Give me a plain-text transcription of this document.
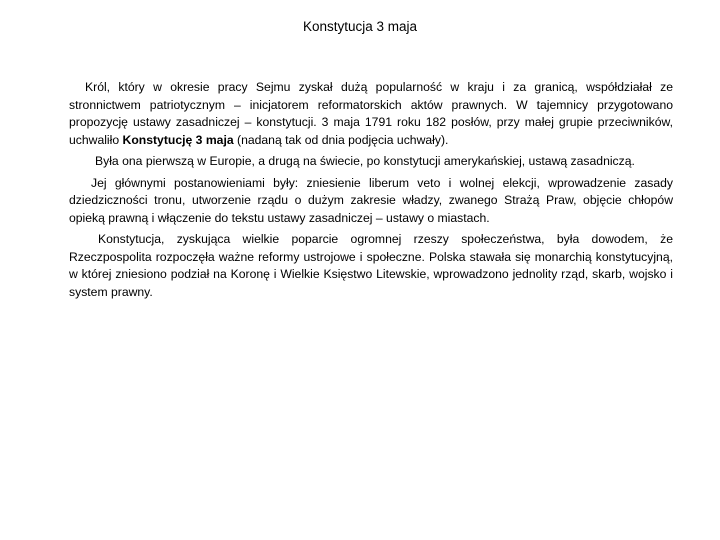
Konstytucja 3 maja

Król, który w okresie pracy Sejmu zyskał dużą popularność w kraju i za granicą, współdziałał ze stronnictwem patriotycznym – inicjatorem reformatorskich aktów prawnych. W tajemnicy przygotowano propozycję ustawy zasadniczej – konstytucji. 3 maja 1791 roku 182 posłów, przy małej grupie przeciwników, uchwaliło Konstytucję 3 maja (nadaną tak od dnia podjęcia uchwały).

Była ona pierwszą w Europie, a drugą na świecie, po konstytucji amerykańskiej, ustawą zasadniczą.

Jej głównymi postanowieniami były: zniesienie liberum veto i wolnej elekcji, wprowadzenie zasady dziedziczności tronu, utworzenie rządu o dużym zakresie władzy, zwanego Strażą Praw, objęcie chłopów opieką prawną i włączenie do tekstu ustawy zasadniczej – ustawy o miastach.

Konstytucja, zyskująca wielkie poparcie ogromnej rzeszy społeczeństwa, była dowodem, że Rzeczpospolita rozpoczęła ważne reformy ustrojowe i społeczne. Polska stawała się monarchią konstytucyjną, w której zniesiono podział na Koronę i Wielkie Księstwo Litewskie, wprowadzono jednolity rząd, skarb, wojsko i system prawny.
